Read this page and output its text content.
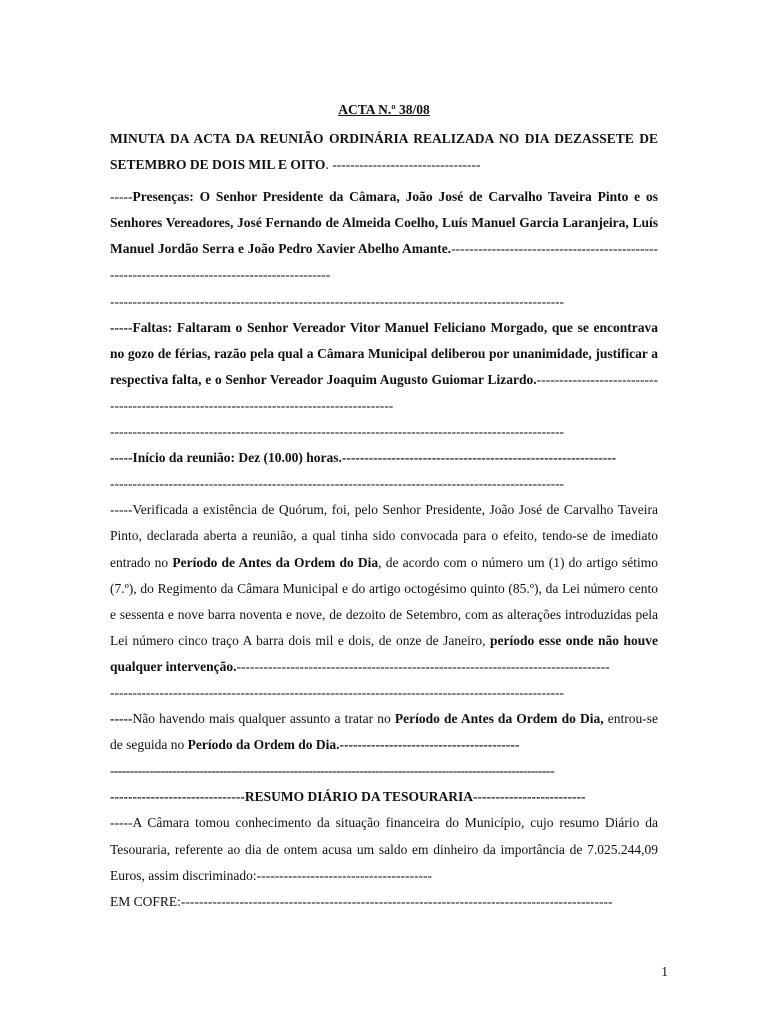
ACTA N.º 38/08

MINUTA DA ACTA DA REUNIÃO ORDINÁRIA REALIZADA NO DIA DEZASSETE DE SETEMBRO DE DOIS MIL E OITO. ---------------------------------

-----Presenças: O Senhor Presidente da Câmara, João José de Carvalho Taveira Pinto e os Senhores Vereadores, José Fernando de Almeida Coelho, Luís Manuel Garcia Laranjeira, Luís Manuel Jordão Serra e João Pedro Xavier Abelho Amante.-----------------------------------------------------------------------------------------------

-----------------------------------------------------------------------------------------------------

-----Faltas: Faltaram o Senhor Vereador Vitor Manuel Feliciano Morgado, que se encontrava no gozo de férias, razão pela qual a Câmara Municipal deliberou por unanimidade, justificar a respectiva falta, e o Senhor Vereador Joaquim Augusto Guiomar Lizardo.------------------------------------------------------------------------------------------

-----------------------------------------------------------------------------------------------------
-----Início da reunião: Dez (10.00) horas.-------------------------------------------------------------
-----------------------------------------------------------------------------------------------------

-----Verificada a existência de Quórum, foi, pelo Senhor Presidente, João José de Carvalho Taveira Pinto, declarada aberta a reunião, a qual tinha sido convocada para o efeito, tendo-se de imediato entrado no Período de Antes da Ordem do Dia, de acordo com o número um (1) do artigo sétimo (7.º), do Regimento da Câmara Municipal e do artigo octogésimo quinto (85.º), da Lei número cento e sessenta e nove barra noventa e nove, de dezoito de Setembro, com as alterações introduzidas pela Lei número cinco traço A barra dois mil e dois, de onze de Janeiro, período esse onde não houve qualquer intervenção.-----------------------------------------------------------------------------------

-----------------------------------------------------------------------------------------------------

-----Não havendo mais qualquer assunto a tratar no Período de Antes da Ordem do Dia, entrou-se de seguida no Período da Ordem do Dia.----------------------------------------

------------------------------------------------------------------------------------------------------------------
------------------------------RESUMO DIÁRIO DA TESOURARIA-------------------------

-----A Câmara tomou conhecimento da situação financeira do Município, cujo resumo Diário da Tesouraria, referente ao dia de ontem acusa um saldo em dinheiro da importância de 7.025.244,09 Euros, assim discriminado:---------------------------------------

EM COFRE:------------------------------------------------------------------------------------------------
1
